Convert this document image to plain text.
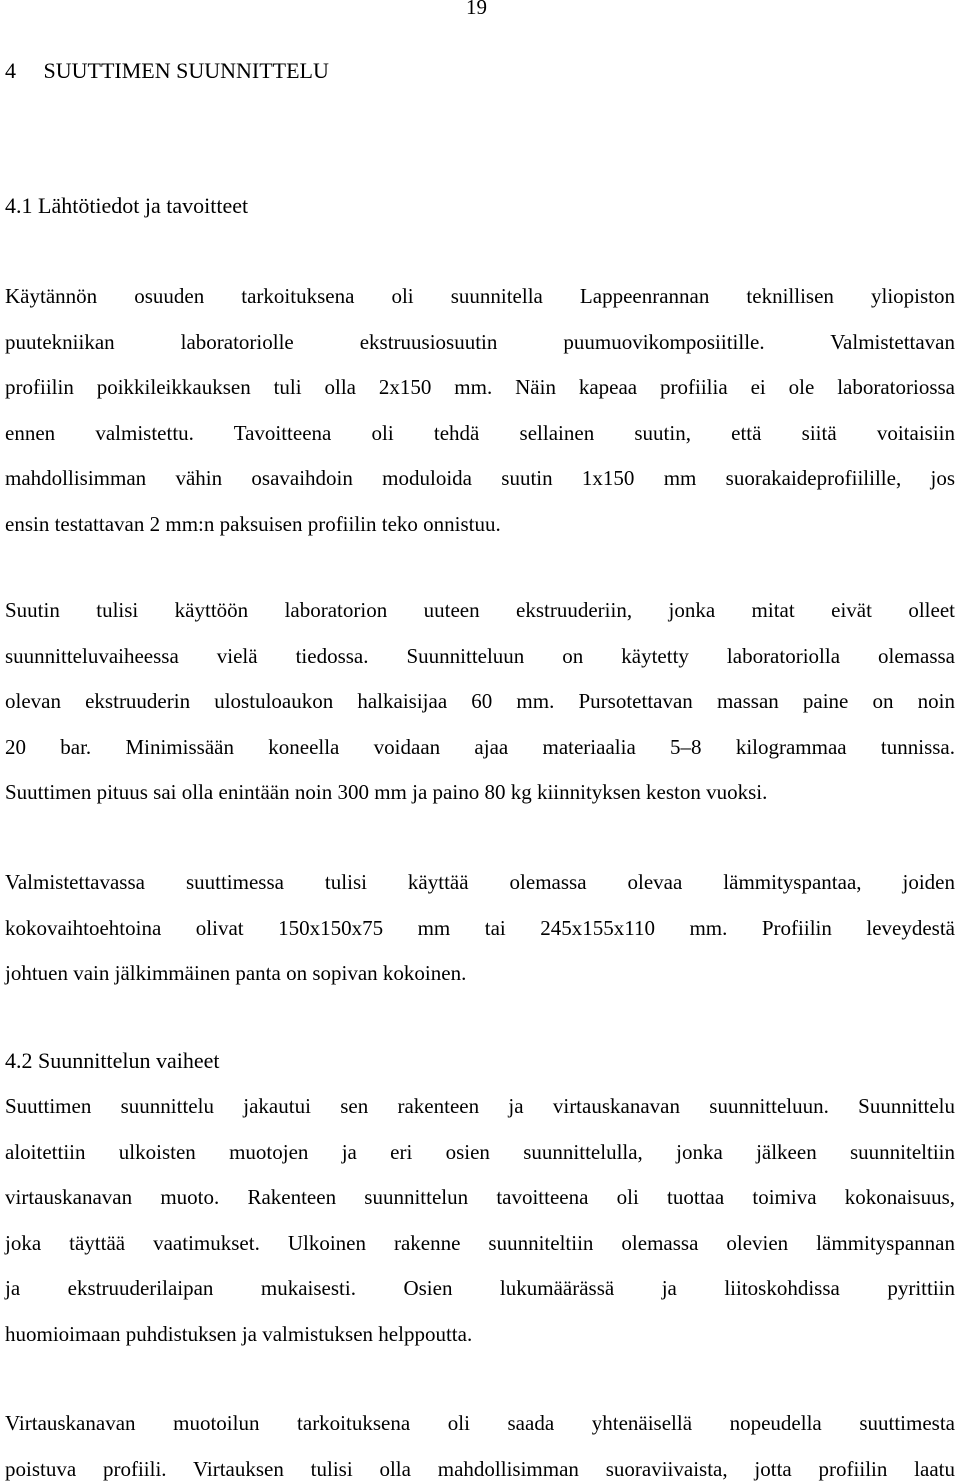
19
4     SUUTTIMEN SUUNNITTELU
4.1 Lähtötiedot ja tavoitteet
Käytännön osuuden tarkoituksena oli suunnitella Lappeenrannan teknillisen yliopiston
puutekniikan laboratoriolle ekstruusiosuutin puumuovikomposiitille. Valmistettavan
profiilin poikkileikkauksen tuli olla 2x150 mm. Näin kapeaa profiilia ei ole laboratoriossa
ennen valmistettu. Tavoitteena oli tehdä sellainen suutin, että siitä voitaisiin
mahdollisimman vähin osavaihdoin moduloida suutin 1x150 mm suorakaideprofiilille, jos
ensin testattavan 2 mm:n paksuisen profiilin teko onnistuu.
Suutin tulisi käyttöön laboratorion uuteen ekstruuderiin, jonka mitat eivät olleet
suunnitteluvaiheessa vielä tiedossa. Suunnitteluun on käytetty laboratoriolla olemassa
olevan ekstruuderin ulostuloaukon halkaisijaa 60 mm. Pursotettavan massan paine on noin
20 bar. Minimissään koneella voidaan ajaa materiaalia 5–8 kilogrammaa tunnissa.
Suuttimen pituus sai olla enintään noin 300 mm ja paino 80 kg kiinnityksen keston vuoksi.
Valmistettavassa suuttimessa tulisi käyttää olemassa olevaa lämmityspantaa, joiden
kokovaihtoehtoina olivat 150x150x75 mm tai 245x155x110 mm. Profiilin leveydestä
johtuen vain jälkimmäinen panta on sopivan kokoinen.
4.2 Suunnittelun vaiheet
Suuttimen suunnittelu jakautui sen rakenteen ja virtauskanavan suunnitteluun. Suunnittelu
aloitettiin ulkoisten muotojen ja eri osien suunnittelulla, jonka jälkeen suunniteltiin
virtauskanavan muoto. Rakenteen suunnittelun tavoitteena oli tuottaa toimiva kokonaisuus,
joka täyttää vaatimukset. Ulkoinen rakenne suunniteltiin olemassa olevien lämmityspannan
ja ekstruuderilaipan mukaisesti. Osien lukumäärässä ja liitoskohdissa pyrittiin
huomioimaan puhdistuksen ja valmistuksen helppoutta.
Virtauskanavan muotoilun tarkoituksena oli saada yhtenäisellä nopeudella suuttimesta
poistuva profiili. Virtauksen tulisi olla mahdollisimman suoraviivaista, jotta profiilin laatu
